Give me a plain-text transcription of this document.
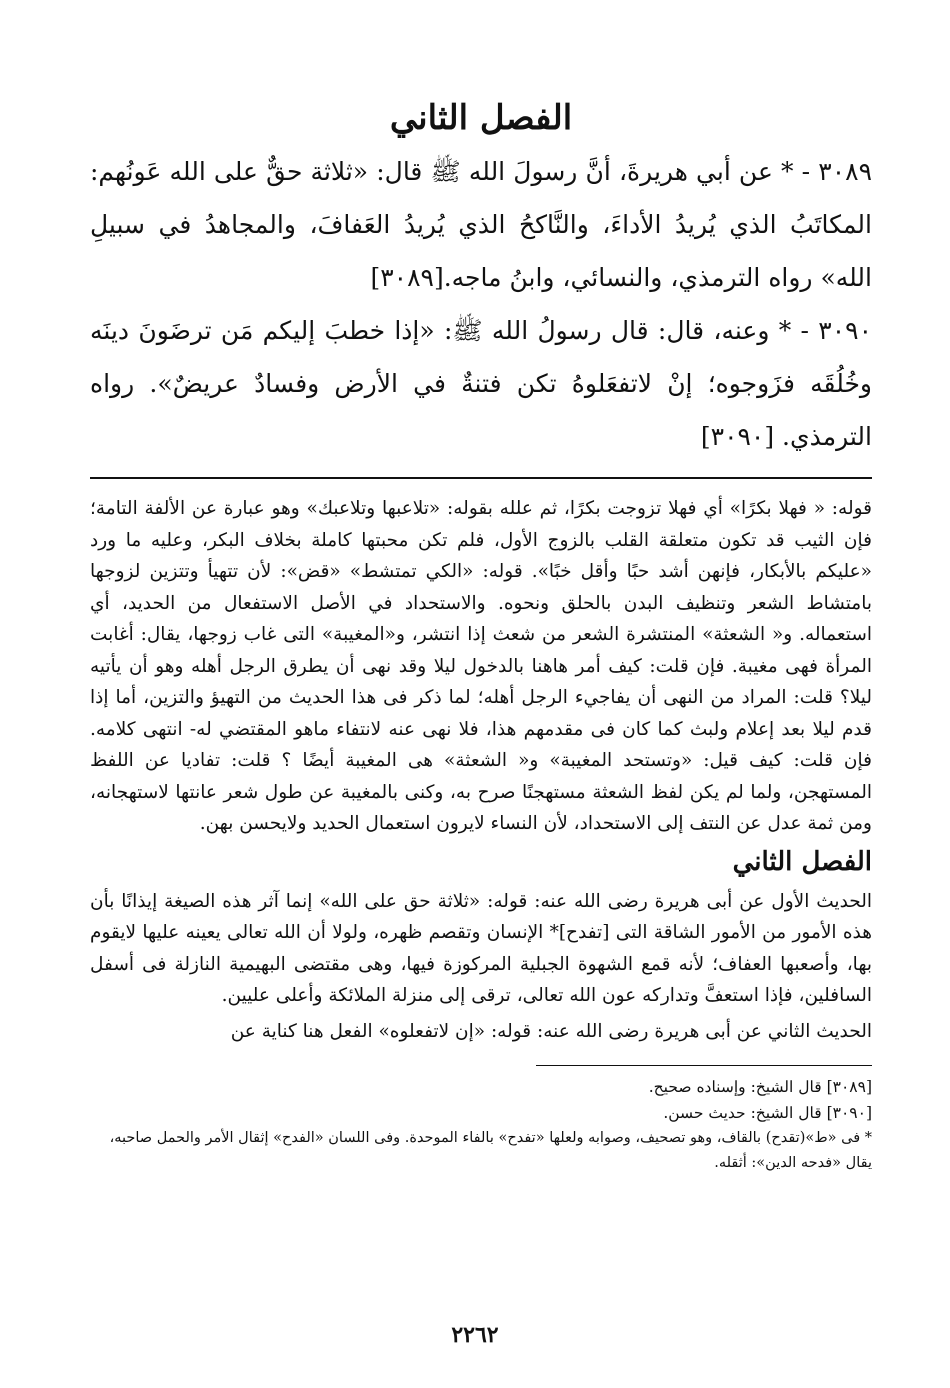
الفصل الثاني

٣٠٨٩ - * عن أبي هريرةَ، أنَّ رسولَ الله ﷺ قال: «ثلاثة حقٌّ على الله عَونُهم: المكاتَبُ الذي يُريدُ الأداءَ، والنَّاكحُ الذي يُريدُ العَفافَ، والمجاهدُ في سبيلِ الله» رواه الترمذي، والنسائي، وابنُ ماجه.[٣٠٨٩]

٣٠٩٠ - * وعنه، قال: قال رسولُ الله ﷺ: «إذا خطبَ إليكم مَن ترضَونَ دينَه وخُلُقَه فزَوجوه؛ إنْ لاتفعَلوهُ تكن فتنةٌ في الأرض وفسادٌ عريضٌ». رواه الترمذي. [٣٠٩٠]

قوله: « فهلا بكرًا» أي فهلا تزوجت بكرًا، ثم علله بقوله: «تلاعبها وتلاعبك» وهو عبارة عن الألفة التامة؛ فإن الثيب قد تكون متعلقة القلب بالزوج الأول، فلم تكن محبتها كاملة بخلاف البكر، وعليه ما ورد «عليكم بالأبكار، فإنهن أشد حبًا وأقل خبًا». قوله: «الكي تمتشط» «قض»: لأن تتهيأ وتتزين لزوجها بامتشاط الشعر وتنظيف البدن بالحلق ونحوه. والاستحداد في الأصل الاستفعال من الحديد، أي استعماله. و« الشعثة» المنتشرة الشعر من شعث إذا انتشر، و«المغيبة» التى غاب زوجها، يقال: أغابت المرأة فهى مغيبة. فإن قلت: كيف أمر هاهنا بالدخول ليلا وقد نهى أن يطرق الرجل أهله وهو أن يأتيه ليلا؟ قلت: المراد من النهى أن يفاجيء الرجل أهله؛ لما ذكر فى هذا الحديث من التهيؤ والتزين، أما إذا قدم ليلا بعد إعلام ولبث كما كان فى مقدمهم هذا، فلا نهى عنه لانتفاء ماهو المقتضي له- انتهى كلامه. فإن قلت: كيف قيل: «وتستحد المغيبة» و« الشعثة» هى المغيبة أيضًا ؟ قلت: تفاديا عن اللفظ المستهجن، ولما لم يكن لفظ الشعثة مستهجنًا صرح به، وكنى بالمغيبة عن طول شعر عانتها لاستهجانه، ومن ثمة عدل عن النتف إلى الاستحداد، لأن النساء لايرون استعمال الحديد ولايحسن بهن.

الفصل الثاني

الحديث الأول عن أبى هريرة رضى الله عنه: قوله: «ثلاثة حق على الله» إنما آثر هذه الصيغة إيذانًا بأن هذه الأمور من الأمور الشاقة التى [تفدح]* الإنسان وتقصم ظهره، ولولا أن الله تعالى يعينه عليها لايقوم بها، وأصعبها العفاف؛ لأنه قمع الشهوة الجبلية المركوزة فيها، وهى مقتضى البهيمية النازلة فى أسفل السافلين، فإذا استعفَّ وتداركه عون الله تعالى، ترقى إلى منزلة الملائكة وأعلى عليين.

الحديث الثاني عن أبى هريرة رضى الله عنه: قوله: «إن لاتفعلوه» الفعل هنا كناية عن

[٣٠٨٩] قال الشيخ: وإسناده صحيح.

[٣٠٩٠] قال الشيخ: حديث حسن.

* فى «ط»(تقدح) بالقاف، وهو تصحيف، وصوابه ولعلها «تفدح» بالفاء الموحدة. وفى اللسان «الفدح» إثقال الأمر والحمل صاحبه، يقال «فدحه الدين»: أثقله.

٢٢٦٢
